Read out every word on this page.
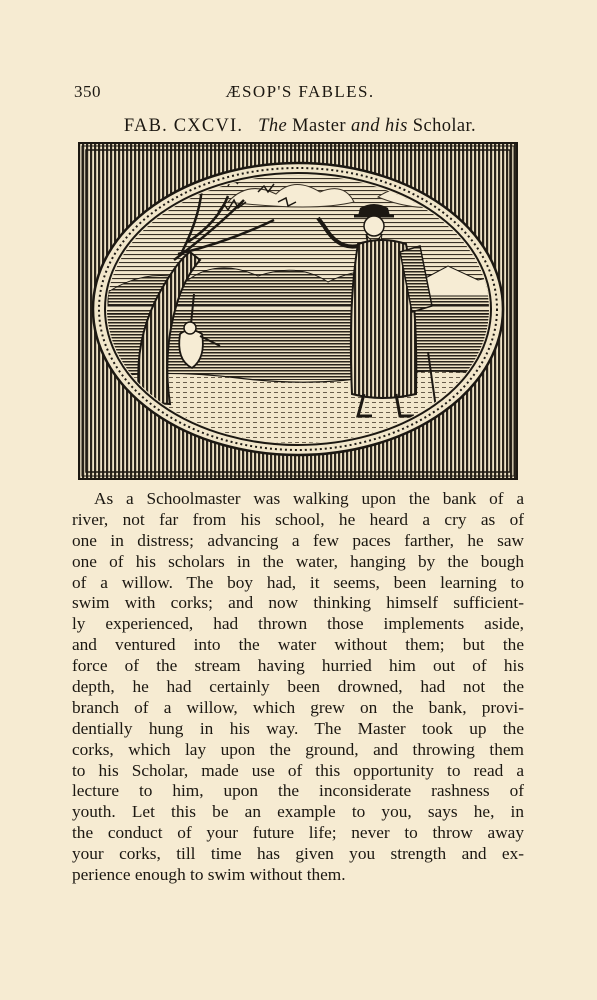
350	ÆSOP'S FABLES.
FAB. CXCVI. The Master and his Scholar.
As a Schoolmaster was walking upon the bank of a
river, not far from his school, he heard a cry as of
one in distress; advancing a few paces farther, he saw
one of his scholars in the water, hanging by the bough
of a willow. The boy had, it seems, been learning to
swim with corks; and now thinking himself sufficient-
ly experienced, had thrown those implements aside,
and ventured into the water without them; but the
force of the stream having hurried him out of his
depth, he had certainly been drowned, had not the
branch of a willow, which grew on the bank, provi-
dentially hung in his way. The Master took up the
corks, which lay upon the ground, and throwing them
to his Scholar, made use of this opportunity to read a
lecture to him, upon the inconsiderate rashness of
youth. Let this be an example to you, says he, in
the conduct of your future life; never to throw away
your corks, till time has given you strength and ex-
perience enough to swim without them.
